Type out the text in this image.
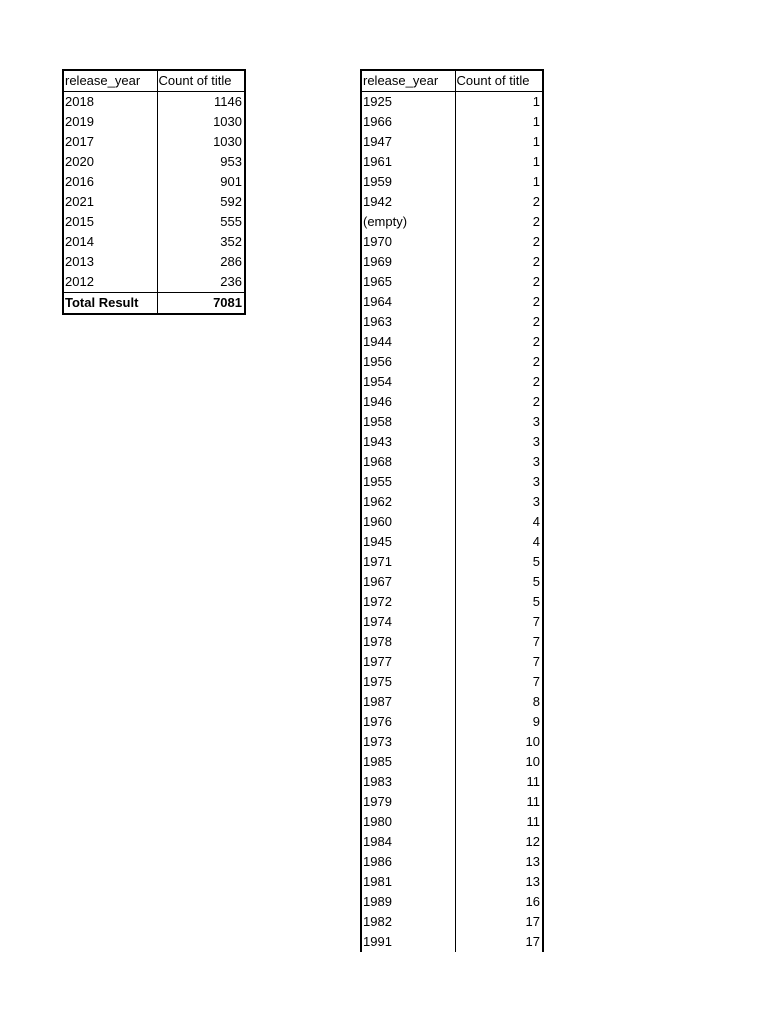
release_year	Count of title
2018	1146
2019	1030
2017	1030
2020	953
2016	901
2021	592
2015	555
2014	352
2013	286
2012	236
Total Result	7081
release_year	Count of title
1925	1
1966	1
1947	1
1961	1
1959	1
1942	2
(empty)	2
1970	2
1969	2
1965	2
1964	2
1963	2
1944	2
1956	2
1954	2
1946	2
1958	3
1943	3
1968	3
1955	3
1962	3
1960	4
1945	4
1971	5
1967	5
1972	5
1974	7
1978	7
1977	7
1975	7
1987	8
1976	9
1973	10
1985	10
1983	11
1979	11
1980	11
1984	12
1986	13
1981	13
1989	16
1982	17
1991	17
